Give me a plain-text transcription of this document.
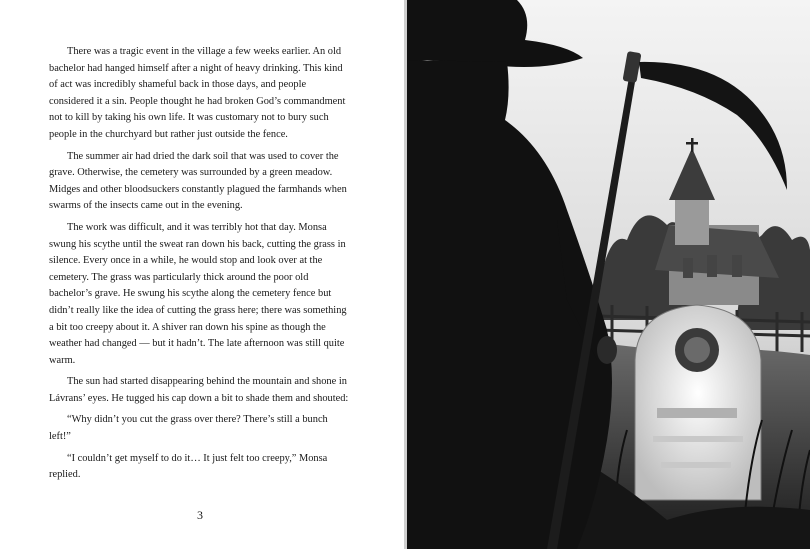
There was a tragic event in the village a few weeks earlier. An old bachelor had hanged himself after a night of heavy drinking. This kind of act was incredibly shameful back in those days, and people considered it a sin. People thought he had broken God’s commandment not to kill by taking his own life. It was customary not to bury such people in the churchyard but rather just outside the fence.

The summer air had dried the dark soil that was used to cover the grave. Otherwise, the cemetery was surrounded by a green meadow. Midges and other bloodsuckers constantly plagued the farmhands when swarms of the insects came out in the evening.

The work was difficult, and it was terribly hot that day. Monsa swung his scythe until the sweat ran down his back, cutting the grass in silence. Every once in a while, he would stop and look over at the cemetery. The grass was particularly thick around the poor old bachelor’s grave. He swung his scythe along the cemetery fence but didn’t really like the idea of cutting the grass here; there was something a bit too creepy about it. A shiver ran down his spine as though the weather had changed — but it hadn’t. The late afternoon was still quite warm.

The sun had started disappearing behind the mountain and shone in Lávrans’ eyes. He tugged his cap down a bit to shade them and shouted:

“Why didn’t you cut the grass over there? There’s still a bunch left!”

“I couldn’t get myself to do it… It just felt too creepy,” Monsa replied.

3
